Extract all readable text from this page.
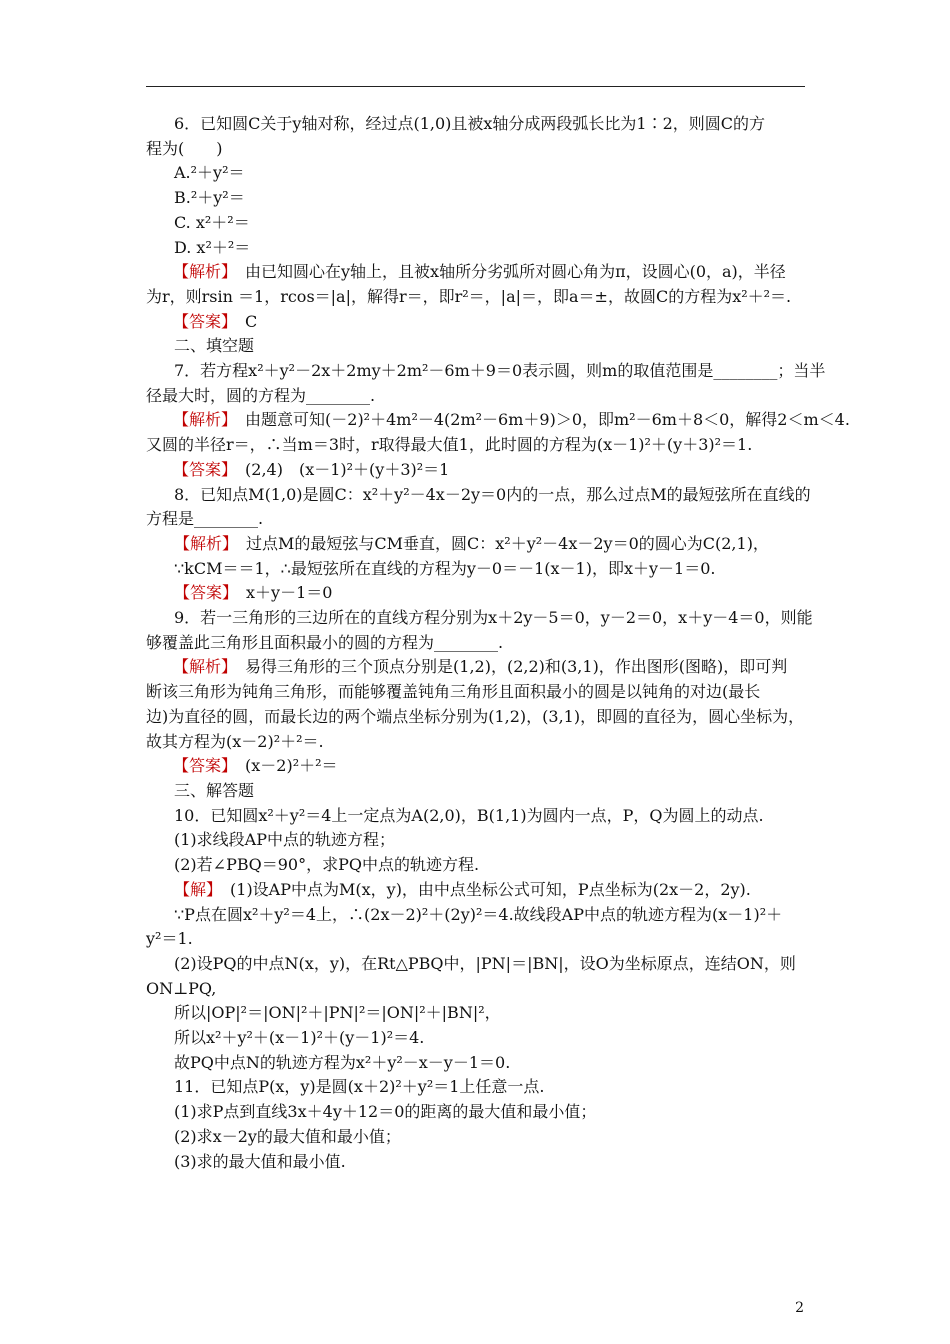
6．已知圆C关于y轴对称，经过点(1,0)且被x轴分成两段弧长比为1∶2，则圆C的方
程为(　　)
A.²＋y²＝
B.²＋y²＝
C. x²＋²＝
D. x²＋²＝
【解析】　由已知圆心在y轴上，且被x轴所分劣弧所对圆心角为π，设圆心(0，a)，半径
为r，则rsin ＝1，rcos＝|a|，解得r＝，即r²＝，|a|＝，即a＝±，故圆C的方程为x²＋²＝.
【答案】　C
二、填空题
7．若方程x²＋y²－2x＋2my＋2m²－6m＋9＝0表示圆，则m的取值范围是________；当半
径最大时，圆的方程为________.
【解析】　由题意可知(－2)²＋4m²－4(2m²－6m＋9)＞0，即m²－6m＋8＜0，解得2＜m＜4.
又圆的半径r＝，∴当m＝3时，r取得最大值1，此时圆的方程为(x－1)²＋(y＋3)²＝1.
【答案】　(2,4)　(x－1)²＋(y＋3)²＝1
8．已知点M(1,0)是圆C：x²＋y²－4x－2y＝0内的一点，那么过点M的最短弦所在直线的
方程是________.
【解析】　过点M的最短弦与CM垂直，圆C：x²＋y²－4x－2y＝0的圆心为C(2,1)，
∵kCM＝＝1，∴最短弦所在直线的方程为y－0＝－1(x－1)，即x＋y－1＝0.
【答案】　x＋y－1＝0
9．若一三角形的三边所在的直线方程分别为x＋2y－5＝0，y－2＝0，x＋y－4＝0，则能
够覆盖此三角形且面积最小的圆的方程为________.
【解析】　易得三角形的三个顶点分别是(1,2)，(2,2)和(3,1)，作出图形(图略)，即可判
断该三角形为钝角三角形，而能够覆盖钝角三角形且面积最小的圆是以钝角的对边(最长
边)为直径的圆，而最长边的两个端点坐标分别为(1,2)，(3,1)，即圆的直径为，圆心坐标为，
故其方程为(x－2)²＋²＝.
【答案】　(x－2)²＋²＝
三、解答题
10．已知圆x²＋y²＝4上一定点为A(2,0)，B(1,1)为圆内一点，P，Q为圆上的动点.
(1)求线段AP中点的轨迹方程；
(2)若∠PBQ＝90°，求PQ中点的轨迹方程.
【解】　(1)设AP中点为M(x，y)，由中点坐标公式可知，P点坐标为(2x－2，2y).
∵P点在圆x²＋y²＝4上，∴(2x－2)²＋(2y)²＝4.故线段AP中点的轨迹方程为(x－1)²＋
y²＝1.
(2)设PQ的中点N(x，y)，在Rt△PBQ中，|PN|＝|BN|，设O为坐标原点，连结ON，则
ON⊥PQ,
所以|OP|²＝|ON|²＋|PN|²＝|ON|²＋|BN|²，
所以x²＋y²＋(x－1)²＋(y－1)²＝4.
故PQ中点N的轨迹方程为x²＋y²－x－y－1＝0.
11．已知点P(x，y)是圆(x＋2)²＋y²＝1上任意一点.
(1)求P点到直线3x＋4y＋12＝0的距离的最大值和最小值；
(2)求x－2y的最大值和最小值；
(3)求的最大值和最小值.
2
